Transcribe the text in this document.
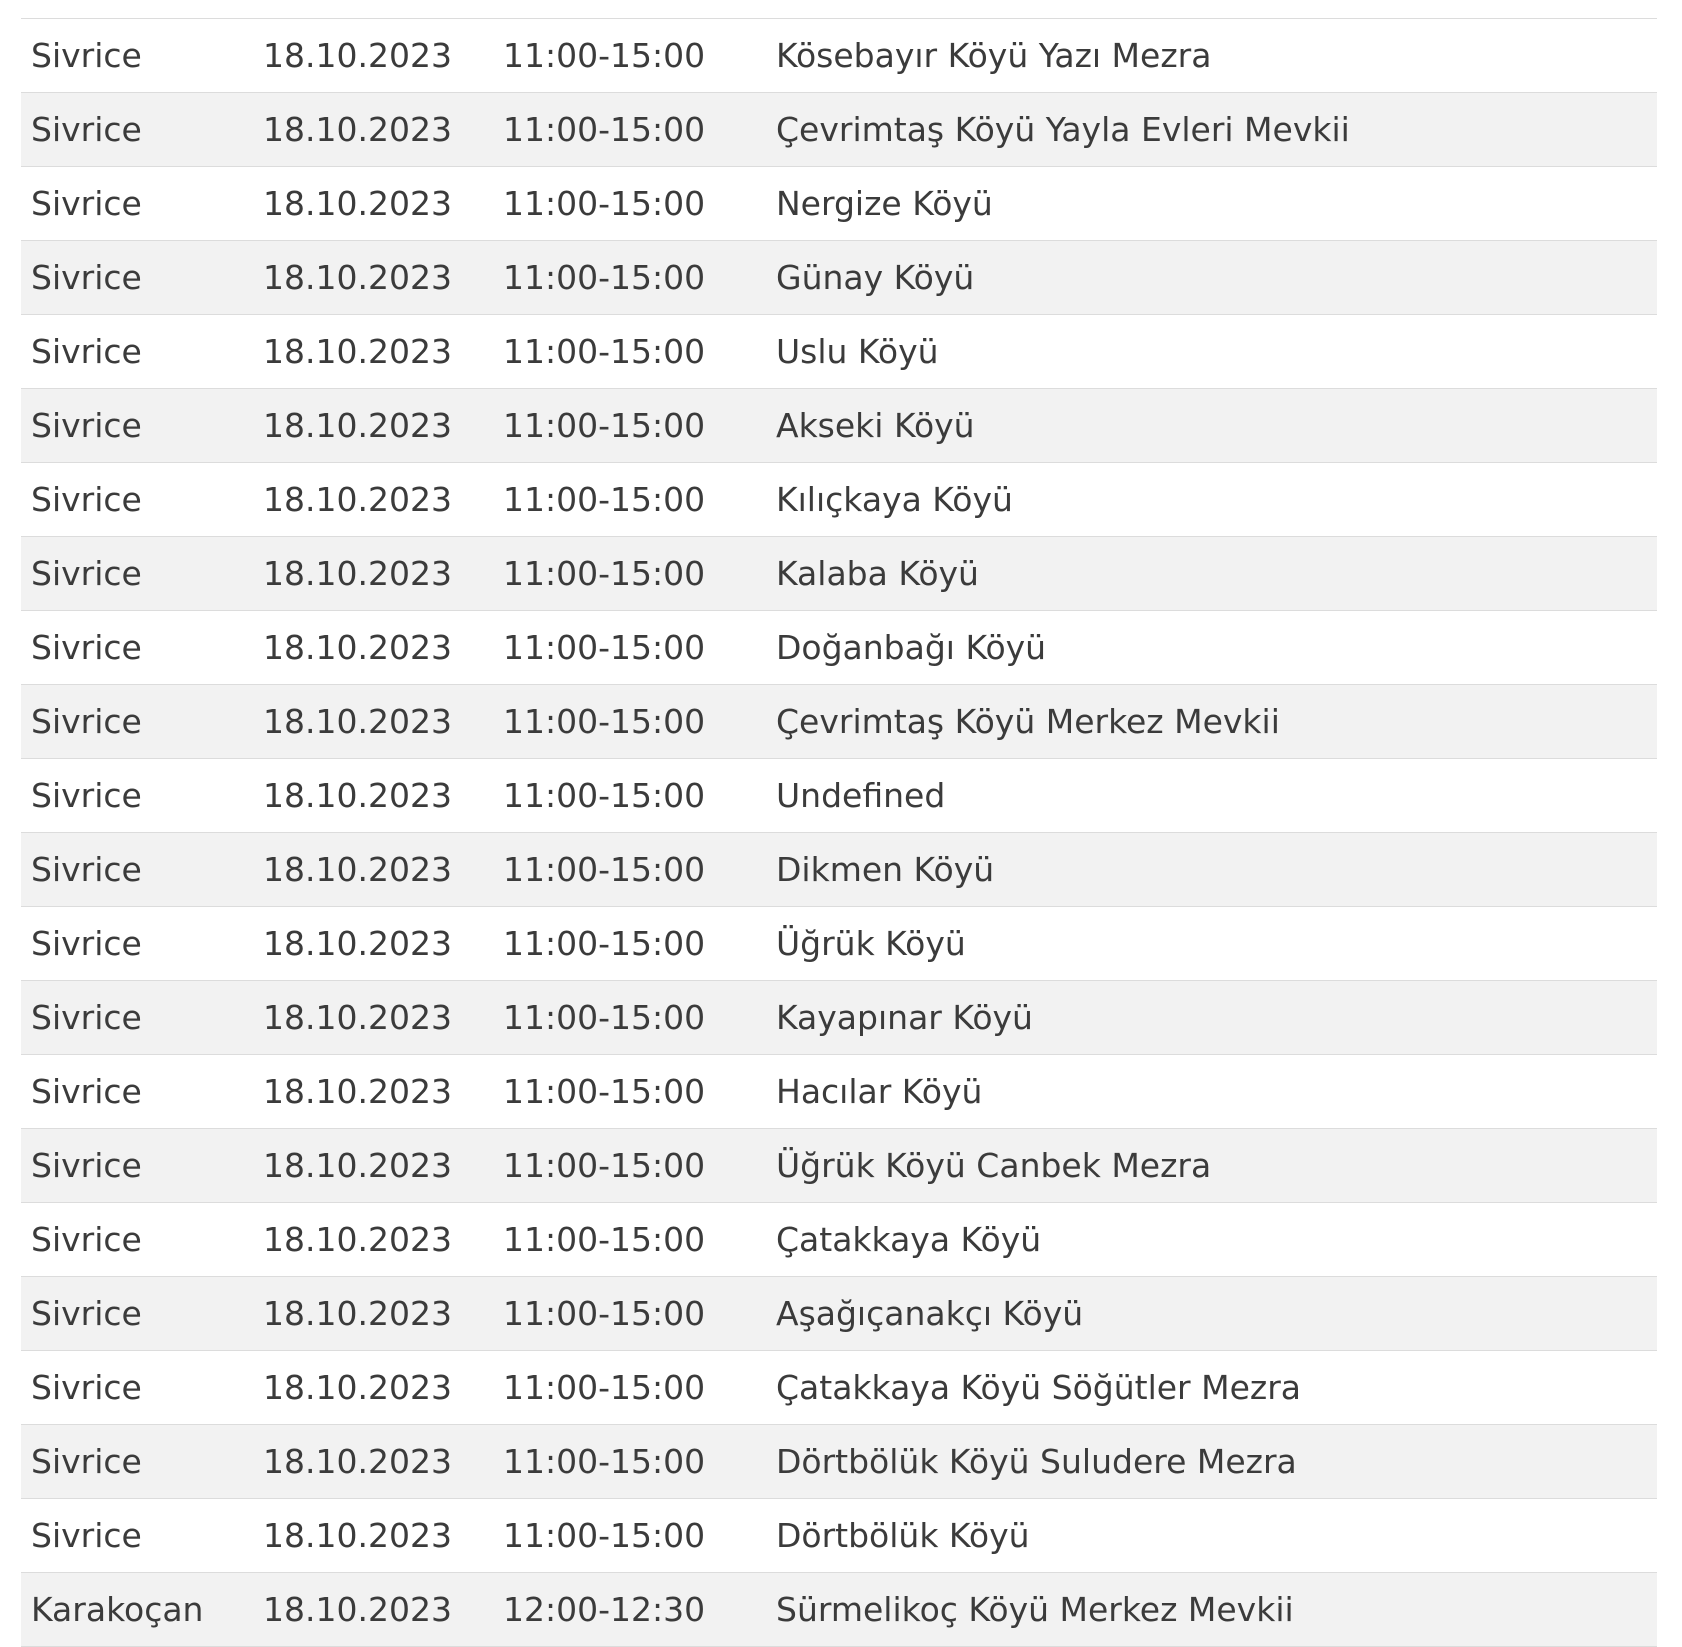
Sivrice	18.10.2023	11:00-15:00	Kösebayır Köyü Yazı Mezra
Sivrice	18.10.2023	11:00-15:00	Çevrimtaş Köyü Yayla Evleri Mevkii
Sivrice	18.10.2023	11:00-15:00	Nergize Köyü
Sivrice	18.10.2023	11:00-15:00	Günay Köyü
Sivrice	18.10.2023	11:00-15:00	Uslu Köyü
Sivrice	18.10.2023	11:00-15:00	Akseki Köyü
Sivrice	18.10.2023	11:00-15:00	Kılıçkaya Köyü
Sivrice	18.10.2023	11:00-15:00	Kalaba Köyü
Sivrice	18.10.2023	11:00-15:00	Doğanbağı Köyü
Sivrice	18.10.2023	11:00-15:00	Çevrimtaş Köyü Merkez Mevkii
Sivrice	18.10.2023	11:00-15:00	Undefined
Sivrice	18.10.2023	11:00-15:00	Dikmen Köyü
Sivrice	18.10.2023	11:00-15:00	Üğrük Köyü
Sivrice	18.10.2023	11:00-15:00	Kayapınar Köyü
Sivrice	18.10.2023	11:00-15:00	Hacılar Köyü
Sivrice	18.10.2023	11:00-15:00	Üğrük Köyü Canbek Mezra
Sivrice	18.10.2023	11:00-15:00	Çatakkaya Köyü
Sivrice	18.10.2023	11:00-15:00	Aşağıçanakçı Köyü
Sivrice	18.10.2023	11:00-15:00	Çatakkaya Köyü Söğütler Mezra
Sivrice	18.10.2023	11:00-15:00	Dörtbölük Köyü Suludere Mezra
Sivrice	18.10.2023	11:00-15:00	Dörtbölük Köyü
Karakoçan	18.10.2023	12:00-12:30	Sürmelikoç Köyü Merkez Mevkii
